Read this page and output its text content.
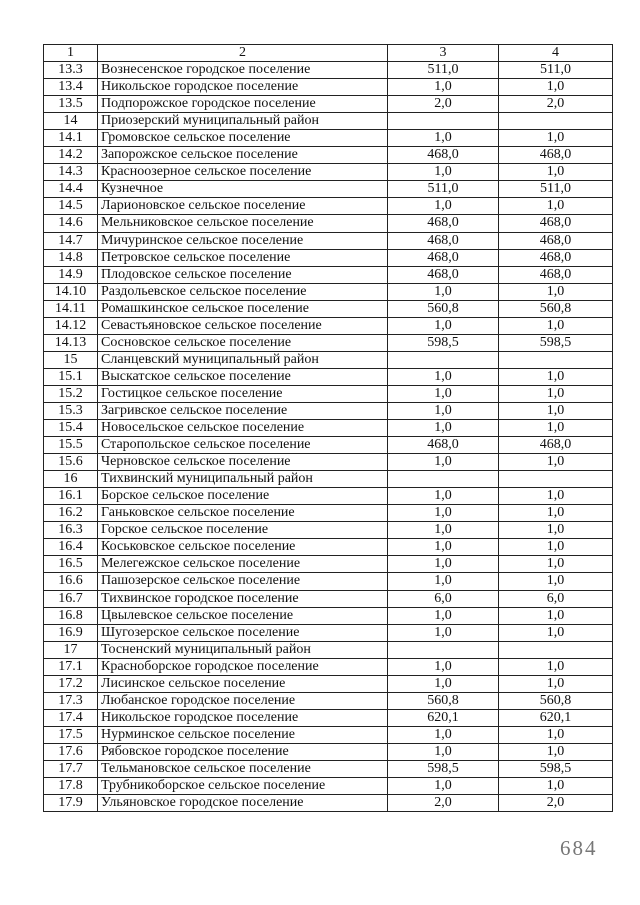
1	2	3	4
13.3	Вознесенское городское поселение	511,0	511,0
13.4	Никольское городское поселение	1,0	1,0
13.5	Подпорожское городское поселение	2,0	2,0
14	Приозерский муниципальный район		
14.1	Громовское сельское поселение	1,0	1,0
14.2	Запорожское сельское поселение	468,0	468,0
14.3	Красноозерное сельское поселение	1,0	1,0
14.4	Кузнечное	511,0	511,0
14.5	Ларионовское сельское поселение	1,0	1,0
14.6	Мельниковское сельское поселение	468,0	468,0
14.7	Мичуринское сельское поселение	468,0	468,0
14.8	Петровское сельское поселение	468,0	468,0
14.9	Плодовское сельское поселение	468,0	468,0
14.10	Раздольевское сельское поселение	1,0	1,0
14.11	Ромашкинское сельское поселение	560,8	560,8
14.12	Севастьяновское сельское поселение	1,0	1,0
14.13	Сосновское сельское поселение	598,5	598,5
15	Сланцевский муниципальный район		
15.1	Выскатское сельское поселение	1,0	1,0
15.2	Гостицкое сельское поселение	1,0	1,0
15.3	Загривское сельское поселение	1,0	1,0
15.4	Новосельское сельское поселение	1,0	1,0
15.5	Старопольское сельское поселение	468,0	468,0
15.6	Черновское сельское поселение	1,0	1,0
16	Тихвинский муниципальный район		
16.1	Борское сельское поселение	1,0	1,0
16.2	Ганьковское сельское поселение	1,0	1,0
16.3	Горское сельское поселение	1,0	1,0
16.4	Коськовское сельское поселение	1,0	1,0
16.5	Мелегежское сельское поселение	1,0	1,0
16.6	Пашозерское сельское поселение	1,0	1,0
16.7	Тихвинское городское поселение	6,0	6,0
16.8	Цвылевское сельское поселение	1,0	1,0
16.9	Шугозерское сельское поселение	1,0	1,0
17	Тосненский муниципальный район		
17.1	Красноборское городское поселение	1,0	1,0
17.2	Лисинское сельское поселение	1,0	1,0
17.3	Любанское городское поселение	560,8	560,8
17.4	Никольское городское поселение	620,1	620,1
17.5	Нурминское сельское поселение	1,0	1,0
17.6	Рябовское городское поселение	1,0	1,0
17.7	Тельмановское сельское поселение	598,5	598,5
17.8	Трубникоборское сельское поселение	1,0	1,0
17.9	Ульяновское городское поселение	2,0	2,0
684
